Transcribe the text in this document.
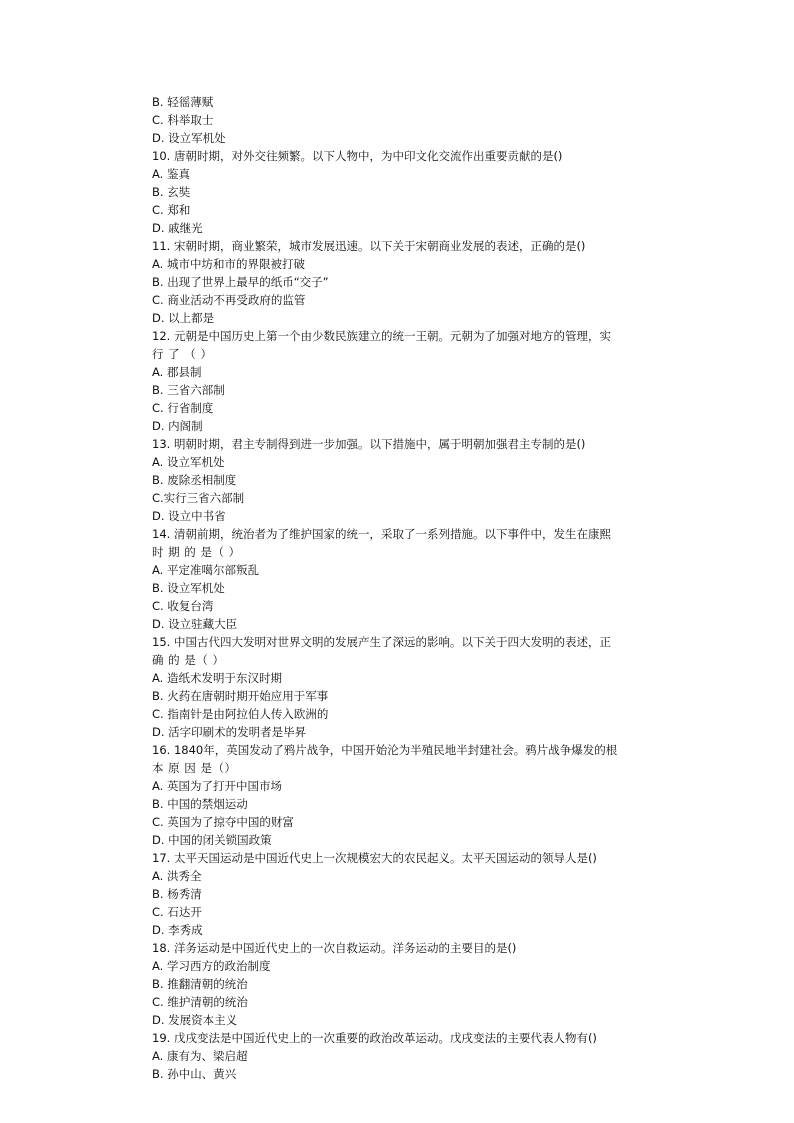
B. 轻徭薄赋
C. 科举取士
D. 设立军机处
10. 唐朝时期，对外交往频繁。以下人物中，为中印文化交流作出重要贡献的是()
A. 鉴真
B. 玄奘
C. 郑和
D. 戚继光
11. 宋朝时期，商业繁荣，城市发展迅速。以下关于宋朝商业发展的表述，正确的是()
A. 城市中坊和市的界限被打破
B. 出现了世界上最早的纸币“交子”
C. 商业活动不再受政府的监管
D. 以上都是
12. 元朝是中国历史上第一个由少数民族建立的统一王朝。元朝为了加强对地方的管理，实
行 了 （ ）
A. 郡县制
B. 三省六部制
C. 行省制度
D. 内阁制
13. 明朝时期，君主专制得到进一步加强。以下措施中，属于明朝加强君主专制的是()
A. 设立军机处
B. 废除丞相制度
C.实行三省六部制
D. 设立中书省
14. 清朝前期，统治者为了维护国家的统一，采取了一系列措施。以下事件中，发生在康熙
时 期 的 是（ ）
A. 平定准噶尔部叛乱
B. 设立军机处
C. 收复台湾
D. 设立驻藏大臣
15. 中国古代四大发明对世界文明的发展产生了深远的影响。以下关于四大发明的表述，正
确 的 是（ ）
A. 造纸术发明于东汉时期
B. 火药在唐朝时期开始应用于军事
C. 指南针是由阿拉伯人传入欧洲的
D. 活字印刷术的发明者是毕昇
16. 1840年，英国发动了鸦片战争，中国开始沦为半殖民地半封建社会。鸦片战争爆发的根
本 原 因 是（）
A. 英国为了打开中国市场
B. 中国的禁烟运动
C. 英国为了掠夺中国的财富
D. 中国的闭关锁国政策
17. 太平天国运动是中国近代史上一次规模宏大的农民起义。太平天国运动的领导人是()
A. 洪秀全
B. 杨秀清
C. 石达开
D. 李秀成
18. 洋务运动是中国近代史上的一次自救运动。洋务运动的主要目的是()
A. 学习西方的政治制度
B. 推翻清朝的统治
C. 维护清朝的统治
D. 发展资本主义
19. 戊戌变法是中国近代史上的一次重要的政治改革运动。戊戌变法的主要代表人物有()
A. 康有为、梁启超
B. 孙中山、黄兴
